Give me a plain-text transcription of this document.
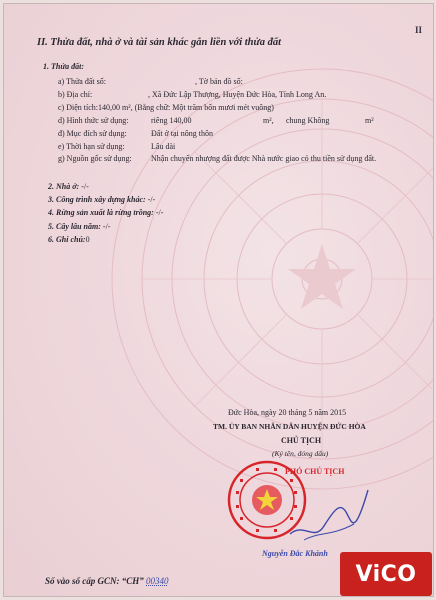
II
II. Thửa đất, nhà ở và tài sản khác gắn liền với thửa đất
1. Thửa đất:
a) Thửa đất số:	, Tờ bản đồ số:
b) Địa chỉ:	, Xã Đức Lập Thượng, Huyện Đức Hòa, Tỉnh Long An.
c) Diện tích: 140,00 m², (Bằng chữ: Một trăm bốn mươi mét vuông)
d) Hình thức sử dụng:	riêng 140,00	m², chung Không	m²
đ) Mục đích sử dụng:	Đất ở tại nông thôn
e) Thời hạn sử dụng:	Lâu dài
g) Nguồn gốc sử dụng: Nhận chuyển nhượng đất được Nhà nước giao có thu tiền sử dụng đất.
2. Nhà ở: -/-
3. Công trình xây dựng khác: -/-
4. Rừng sản xuất là rừng trồng: -/-
5. Cây lâu năm: -/-
6. Ghi chú:0
Đức Hòa, ngày 20 tháng 5 năm 2015
TM. ỦY BAN NHÂN DÂN HUYỆN ĐỨC HÒA
CHỦ TỊCH
(Ký tên, đóng dấu)
PHÓ CHỦ TỊCH
Nguyễn Đắc Khánh
Số vào sổ cấp GCN: “CH” 00340	ViCO
